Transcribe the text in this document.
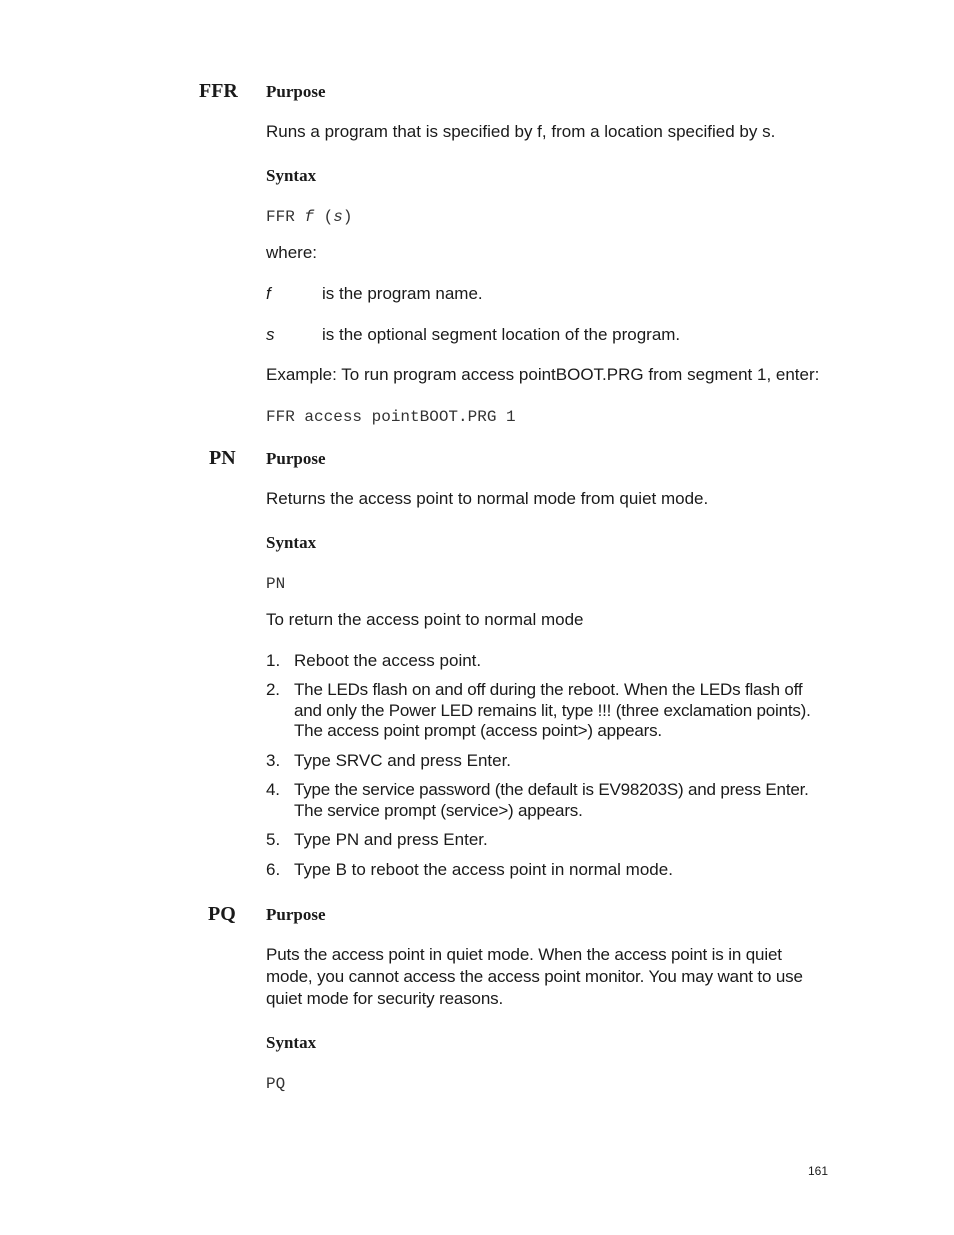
FFR Purpose
Runs a program that is specified by f, from a location specified by s.
Syntax
FFR f (s)
where:
f	is the program name.
s	is the optional segment location of the program.
Example: To run program access pointBOOT.PRG from segment 1, enter:
FFR access pointBOOT.PRG 1
PN Purpose
Returns the access point to normal mode from quiet mode.
Syntax
PN
To return the access point to normal mode
1. Reboot the access point.
2. The LEDs flash on and off during the reboot. When the LEDs flash off and only the Power LED remains lit, type !!! (three exclamation points). The access point prompt (access point>) appears.
3. Type SRVC and press Enter.
4. Type the service password (the default is EV98203S) and press Enter. The service prompt (service>) appears.
5. Type PN and press Enter.
6. Type B to reboot the access point in normal mode.
PQ Purpose
Puts the access point in quiet mode. When the access point is in quiet mode, you cannot access the access point monitor. You may want to use quiet mode for security reasons.
Syntax
PQ
161
